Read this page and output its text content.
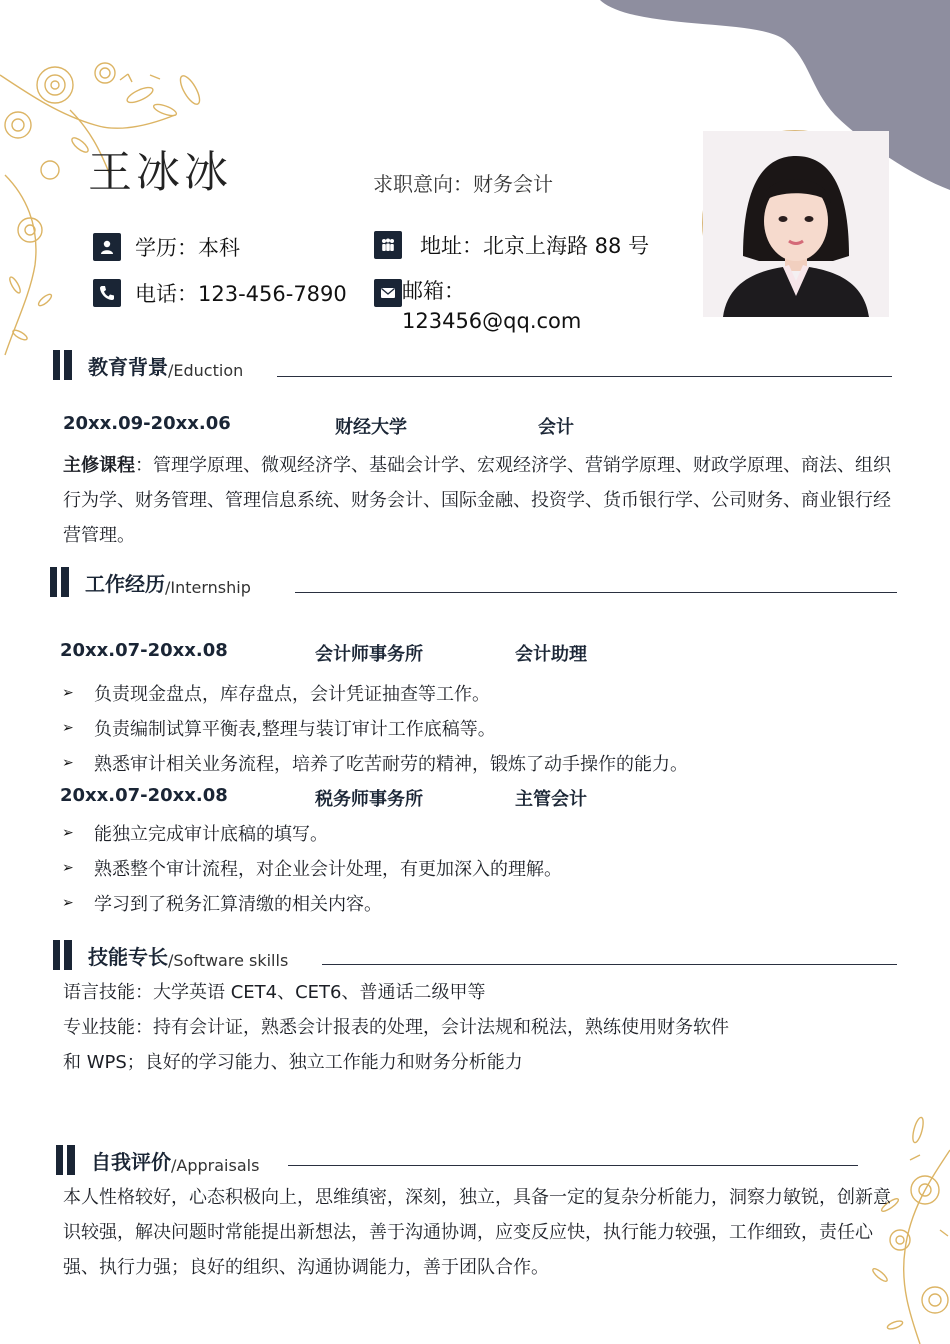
王冰冰	求职意向：财务会计
学历：本科
电话：123-456-7890
地址：北京上海路 88 号
邮箱：123456@qq.com
教育背景 /Eduction
20xx.09-20xx.06	财经大学	会计
主修课程：管理学原理、微观经济学、基础会计学、宏观经济学、营销学原理、财政学原理、商法、组织行为学、财务管理、管理信息系统、财务会计、国际金融、投资学、货币银行学、公司财务、商业银行经营管理。
工作经历 /Internship
20xx.07-20xx.08	会计师事务所	会计助理
➢	负责现金盘点，库存盘点，会计凭证抽查等工作。
➢	负责编制试算平衡表,整理与装订审计工作底稿等。
➢	熟悉审计相关业务流程，培养了吃苦耐劳的精神，锻炼了动手操作的能力。
20xx.07-20xx.08	税务师事务所	主管会计
➢	能独立完成审计底稿的填写。
➢	熟悉整个审计流程，对企业会计处理，有更加深入的理解。
➢	学习到了税务汇算清缴的相关内容。
技能专长 /Software skills
语言技能：大学英语 CET4、CET6、普通话二级甲等
专业技能：持有会计证，熟悉会计报表的处理，会计法规和税法，熟练使用财务软件
和 WPS；良好的学习能力、独立工作能力和财务分析能力
自我评价 /Appraisals
本人性格较好，心态积极向上，思维缜密，深刻，独立，具备一定的复杂分析能力，洞察力敏锐，创新意识较强，解决问题时常能提出新想法，善于沟通协调，应变反应快，执行能力较强，工作细致，责任心强、执行力强；良好的组织、沟通协调能力，善于团队合作。
